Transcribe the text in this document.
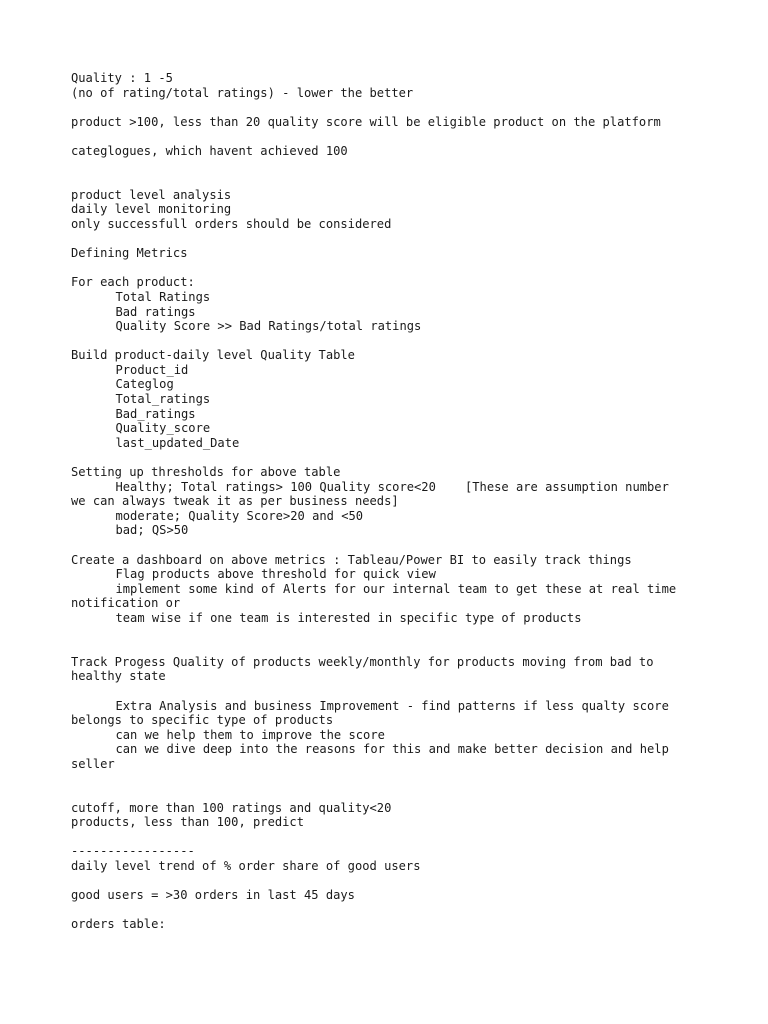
Quality : 1 -5
(no of rating/total ratings) - lower the better
product >100, less than 20 quality score will be eligible product on the platform
categlogues, which havent achieved 100
product level analysis
daily level monitoring
only successfull orders should be considered
Defining Metrics
For each product:
Total Ratings
Bad ratings
Quality Score >> Bad Ratings/total ratings
Build product-daily level Quality Table
Product_id
Categlog
Total_ratings
Bad_ratings
Quality_score
last_updated_Date
Setting up thresholds for above table
Healthy; Total ratings> 100 Quality score<20    [These are assumption number
we can always tweak it as per business needs]
moderate; Quality Score>20 and <50
bad; QS>50
Create a dashboard on above metrics : Tableau/Power BI to easily track things
Flag products above threshold for quick view
implement some kind of Alerts for our internal team to get these at real time
notification or
team wise if one team is interested in specific type of products
Track Progess Quality of products weekly/monthly for products moving from bad to
healthy state
Extra Analysis and business Improvement - find patterns if less qualty score
belongs to specific type of products
can we help them to improve the score
can we dive deep into the reasons for this and make better decision and help
seller
cutoff, more than 100 ratings and quality<20
products, less than 100, predict
-----------------
daily level trend of % order share of good users
good users = >30 orders in last 45 days
orders table:
